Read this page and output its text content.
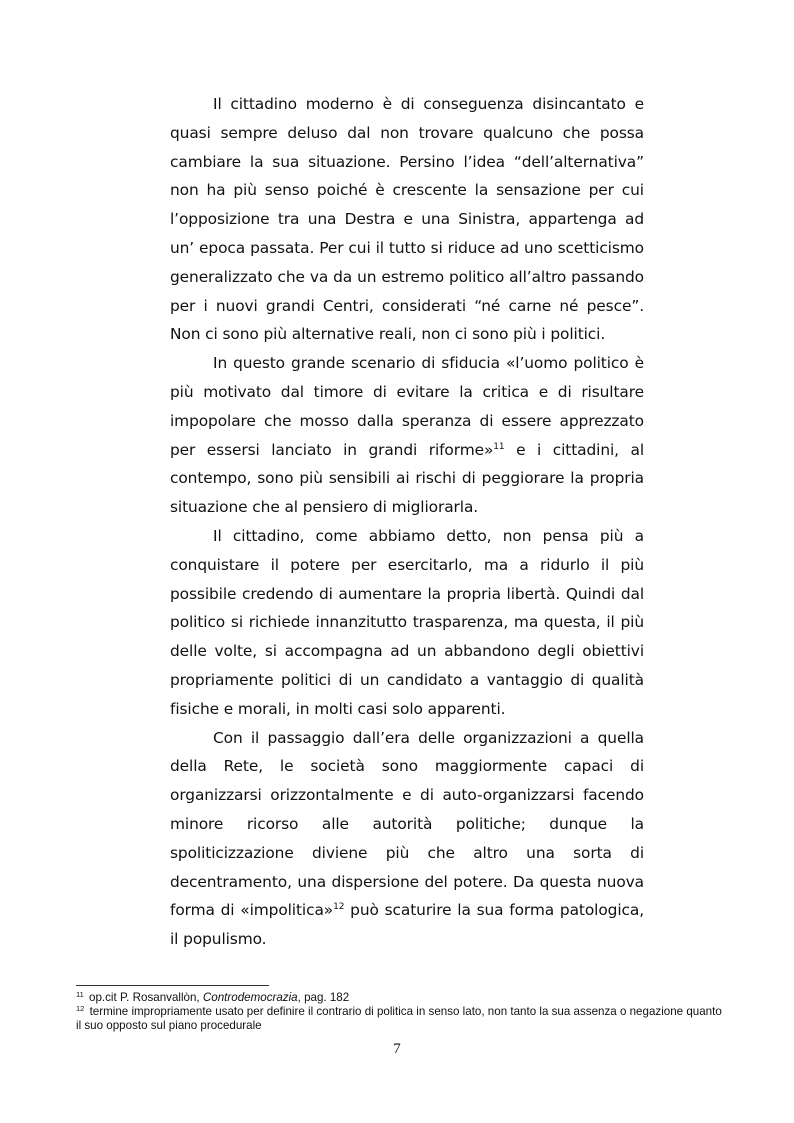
Il cittadino moderno è di conseguenza disincantato e quasi sempre deluso dal non trovare qualcuno che possa cambiare la sua situazione. Persino l’idea “dell’alternativa” non ha più senso poiché è crescente la sensazione per cui l’opposizione tra una Destra e una Sinistra, appartenga ad un’ epoca passata. Per cui il tutto si riduce ad uno scetticismo generalizzato che va da un estremo politico all’altro passando per i nuovi grandi Centri, considerati “né carne né pesce”. Non ci sono più alternative reali, non ci sono più i politici.

In questo grande scenario di sfiducia «l’uomo politico è più motivato dal timore di evitare la critica e di risultare impopolare che mosso dalla speranza di essere apprezzato per essersi lanciato in grandi riforme»$^{11}$ e i cittadini, al contempo, sono più sensibili ai rischi di peggiorare la propria situazione che al pensiero di migliorarla.

Il cittadino, come abbiamo detto, non pensa più a conquistare il potere per esercitarlo, ma a ridurlo il più possibile credendo di aumentare la propria libertà. Quindi dal politico si richiede innanzitutto trasparenza, ma questa, il più delle volte, si accompagna ad un abbandono degli obiettivi propriamente politici di un candidato a vantaggio di qualità fisiche e morali, in molti casi solo apparenti.

Con il passaggio dall’era delle organizzazioni a quella della Rete, le società sono maggiormente capaci di organizzarsi orizzontalmente e di auto-organizzarsi facendo minore ricorso alle autorità politiche; dunque la spoliticizzazione diviene più che altro una sorta di decentramento, una dispersione del potere. Da questa nuova forma di «impolitica»$^{12}$ può scaturire la sua forma patologica, il populismo.

$^{11}$ op.cit P. Rosanvallòn, Controdemocrazia, pag. 182
$^{12}$ termine impropriamente usato per definire il contrario di politica in senso lato, non tanto la sua assenza o negazione quanto il suo opposto sul piano procedurale
7
